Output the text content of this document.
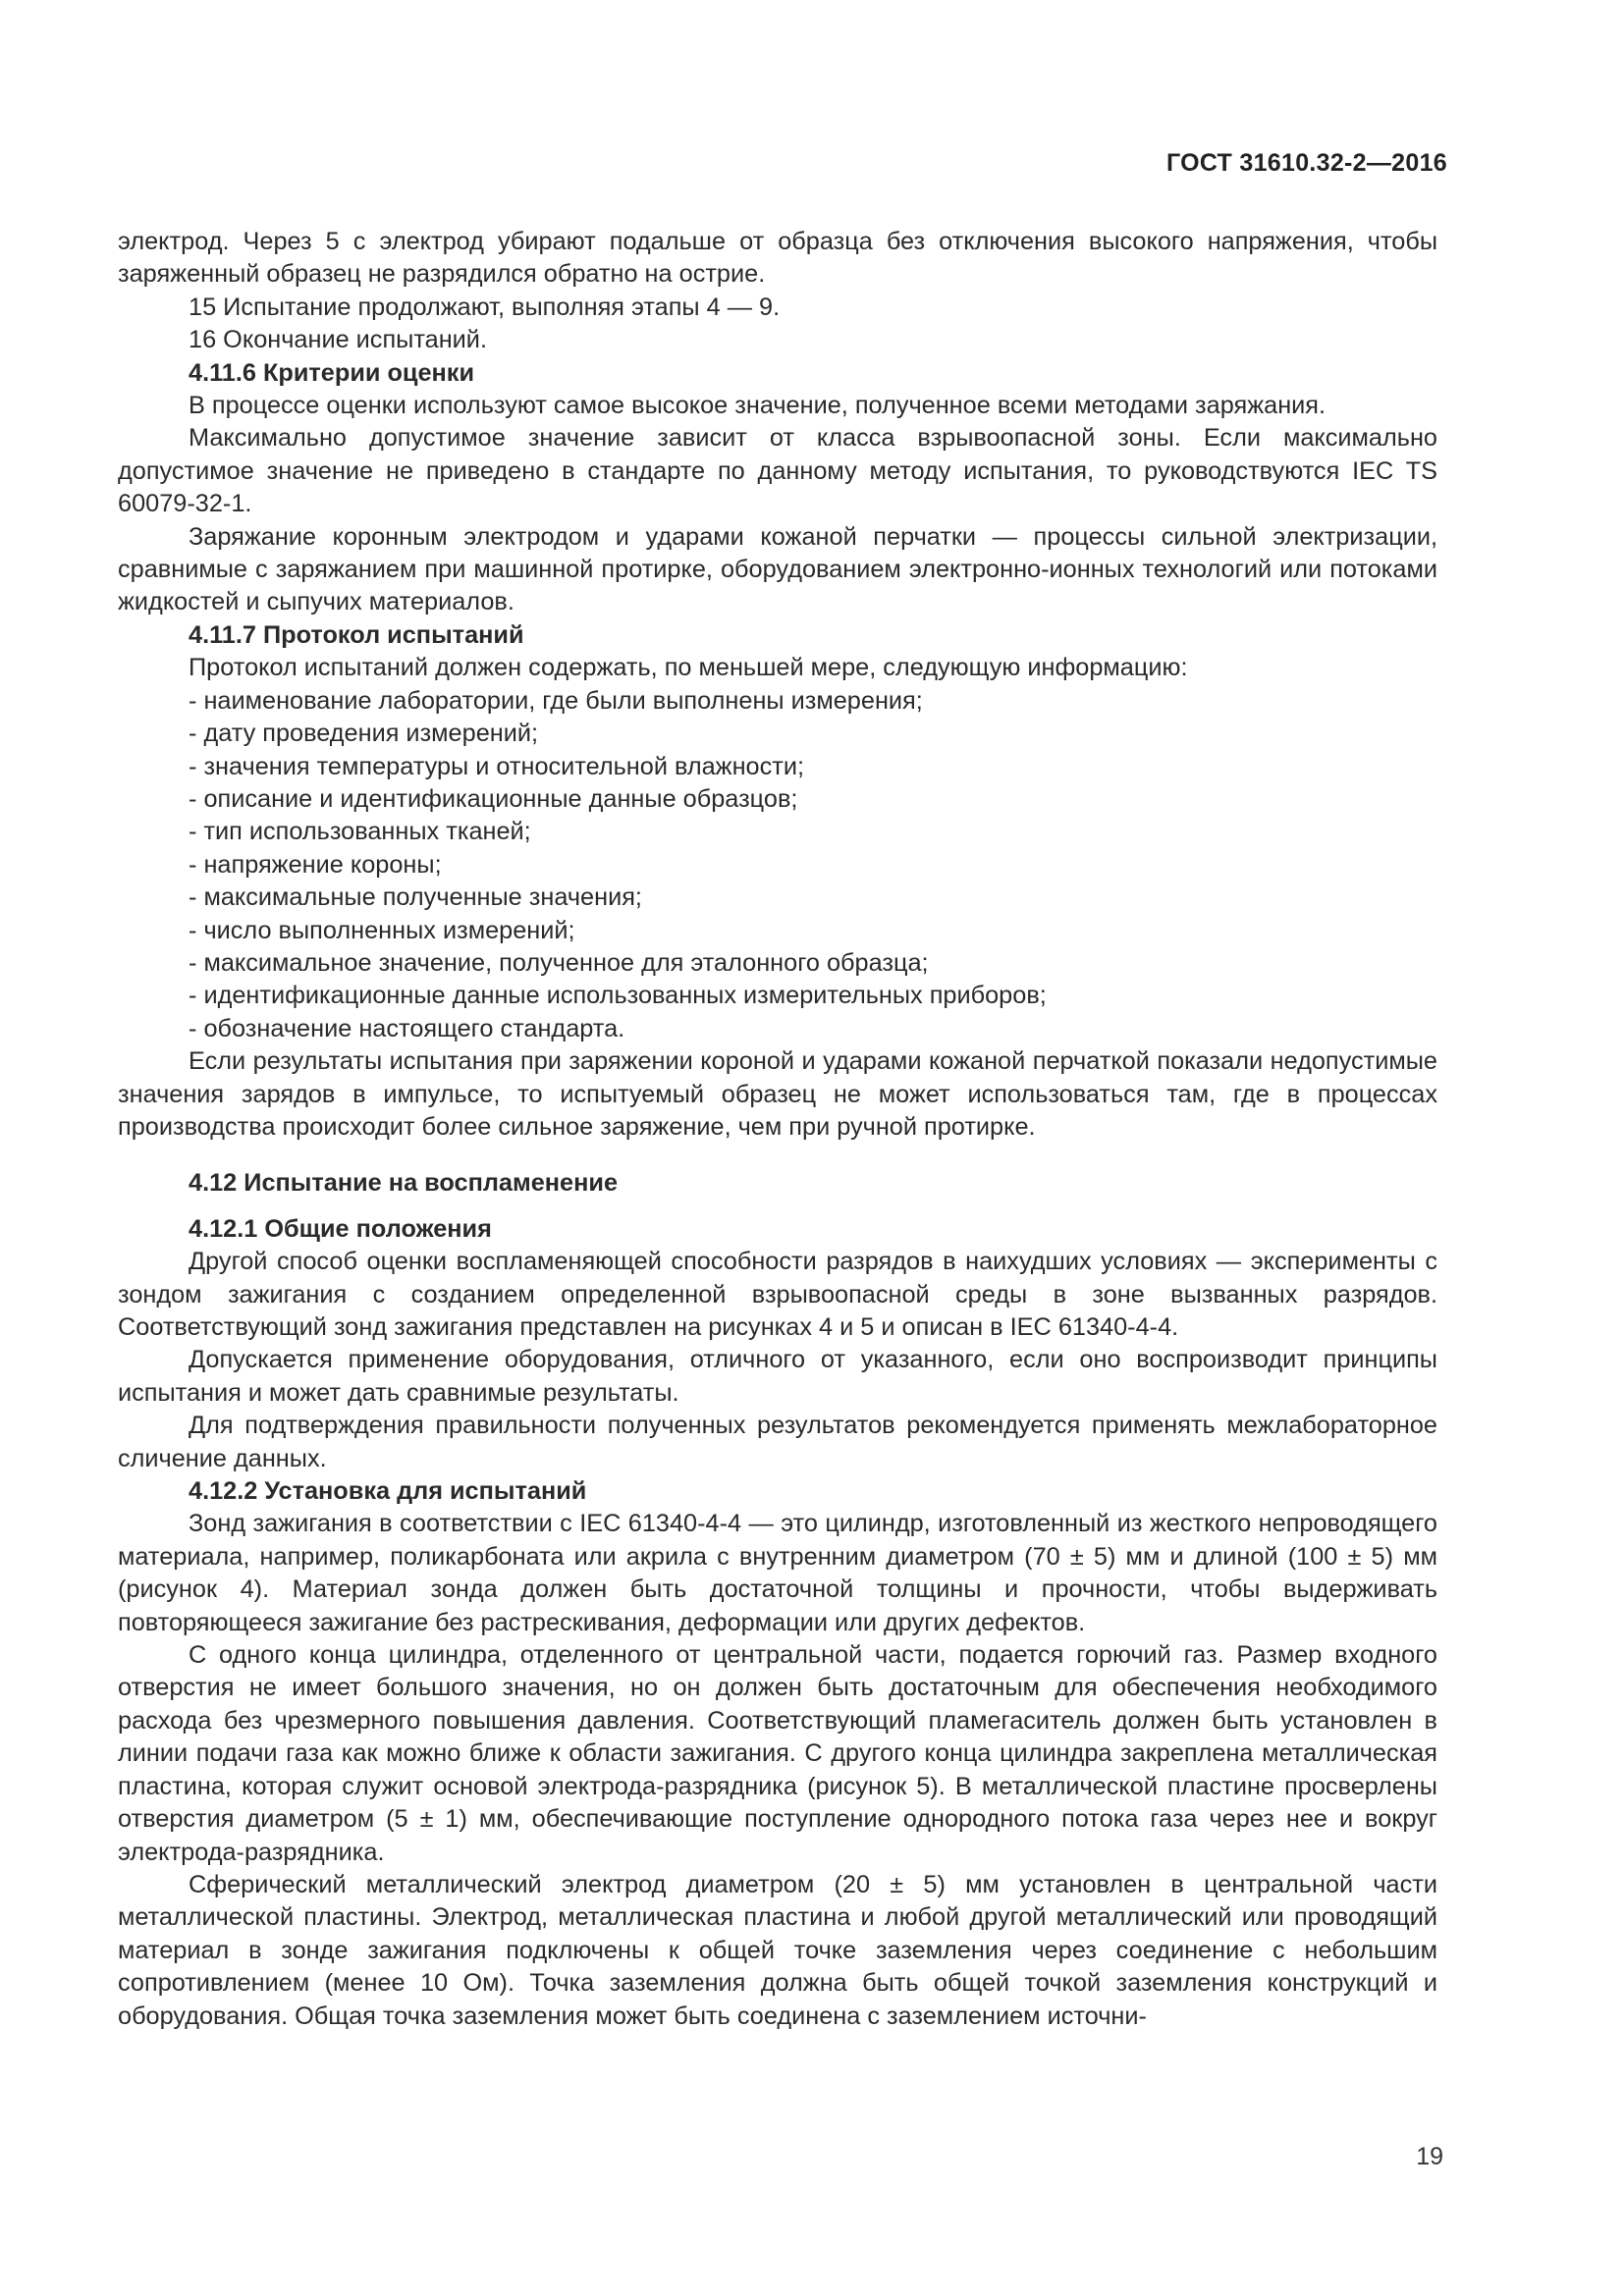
ГОСТ 31610.32-2—2016

электрод. Через 5 с электрод убирают подальше от образца без отключения высокого напряжения, чтобы заряженный образец не разрядился обратно на острие.

15 Испытание продолжают, выполняя этапы 4 — 9.

16 Окончание испытаний.

4.11.6 Критерии оценки

В процессе оценки используют самое высокое значение, полученное всеми методами заряжания.

Максимально допустимое значение зависит от класса взрывоопасной зоны. Если максимально допустимое значение не приведено в стандарте по данному методу испытания, то руководствуются IEC TS 60079-32-1.

Заряжание коронным электродом и ударами кожаной перчатки — процессы сильной электризации, сравнимые с заряжанием при машинной протирке, оборудованием электронно-ионных технологий или потоками жидкостей и сыпучих материалов.

4.11.7 Протокол испытаний

Протокол испытаний должен содержать, по меньшей мере, следующую информацию:

- наименование лаборатории, где были выполнены измерения;

- дату проведения измерений;

- значения температуры и относительной влажности;

- описание и идентификационные данные образцов;

- тип использованных тканей;

- напряжение короны;

- максимальные полученные значения;

- число выполненных измерений;

- максимальное значение, полученное для эталонного образца;

- идентификационные данные использованных измерительных приборов;

- обозначение настоящего стандарта.

Если результаты испытания при заряжении короной и ударами кожаной перчаткой показали недопустимые значения зарядов в импульсе, то испытуемый образец не может использоваться там, где в процессах производства происходит более сильное заряжение, чем при ручной протирке.

4.12 Испытание на воспламенение

4.12.1 Общие положения

Другой способ оценки воспламеняющей способности разрядов в наихудших условиях — эксперименты с зондом зажигания с созданием определенной взрывоопасной среды в зоне вызванных разрядов. Соответствующий зонд зажигания представлен на рисунках 4 и 5 и описан в IEC 61340-4-4.

Допускается применение оборудования, отличного от указанного, если оно воспроизводит принципы испытания и может дать сравнимые результаты.

Для подтверждения правильности полученных результатов рекомендуется применять межлабораторное сличение данных.

4.12.2 Установка для испытаний

Зонд зажигания в соответствии с IEC 61340-4-4 — это цилиндр, изготовленный из жесткого непроводящего материала, например, поликарбоната или акрила с внутренним диаметром (70 ± 5) мм и длиной (100 ± 5) мм (рисунок 4). Материал зонда должен быть достаточной толщины и прочности, чтобы выдерживать повторяющееся зажигание без растрескивания, деформации или других дефектов.

С одного конца цилиндра, отделенного от центральной части, подается горючий газ. Размер входного отверстия не имеет большого значения, но он должен быть достаточным для обеспечения необходимого расхода без чрезмерного повышения давления. Соответствующий пламегаситель должен быть установлен в линии подачи газа как можно ближе к области зажигания. С другого конца цилиндра закреплена металлическая пластина, которая служит основой электрода-разрядника (рисунок 5). В металлической пластине просверлены отверстия диаметром (5 ± 1) мм, обеспечивающие поступление однородного потока газа через нее и вокруг электрода-разрядника.

Сферический металлический электрод диаметром (20 ± 5) мм установлен в центральной части металлической пластины. Электрод, металлическая пластина и любой другой металлический или проводящий материал в зонде зажигания подключены к общей точке заземления через соединение с небольшим сопротивлением (менее 10 Ом). Точка заземления должна быть общей точкой заземления конструкций и оборудования. Общая точка заземления может быть соединена с заземлением источни-

19
